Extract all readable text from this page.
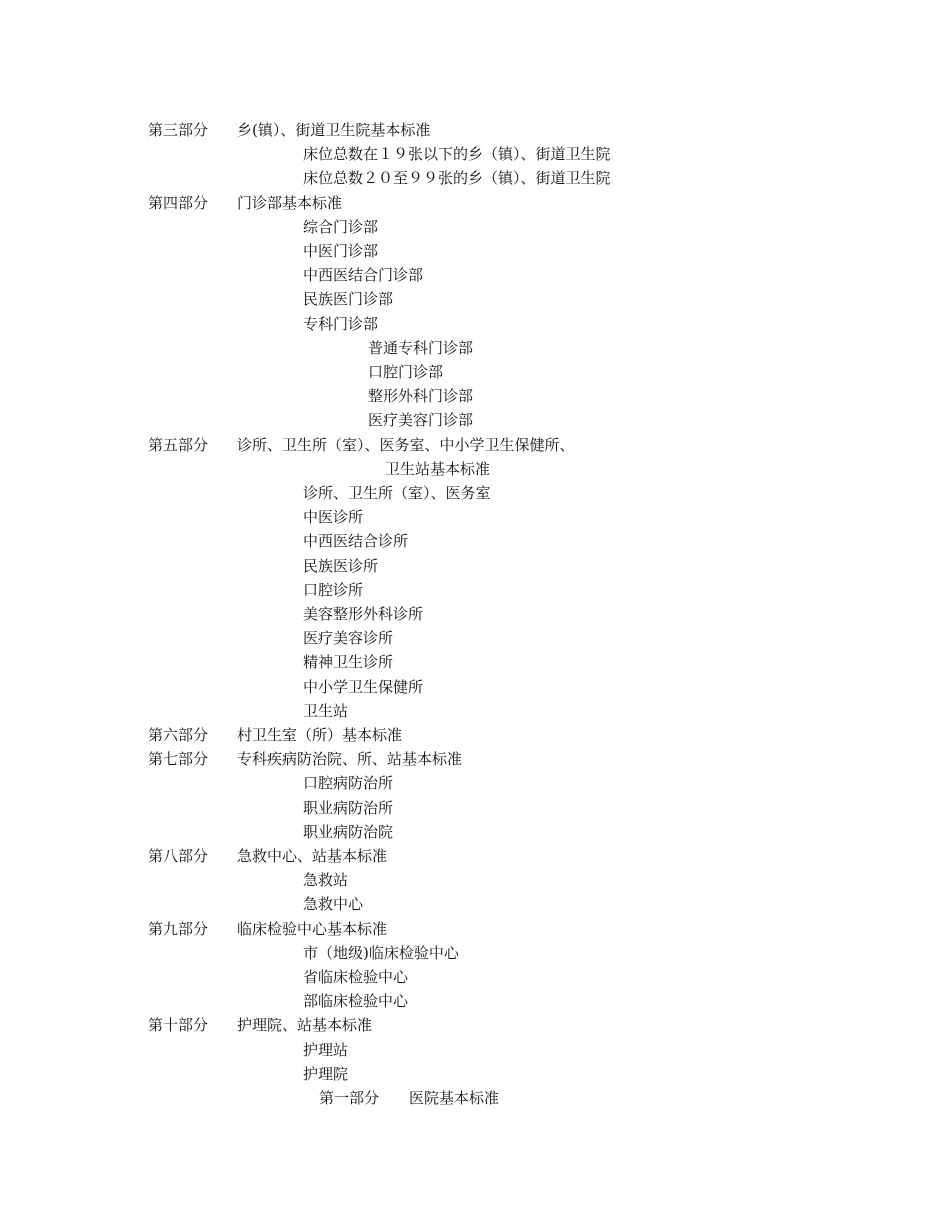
第三部分 乡(镇）、街道卫生院基本标准
床位总数在１９张以下的乡（镇）、街道卫生院
床位总数２０至９９张的乡（镇）、街道卫生院
第四部分 门诊部基本标准
综合门诊部
中医门诊部
中西医结合门诊部
民族医门诊部
专科门诊部
普通专科门诊部
口腔门诊部
整形外科门诊部
医疗美容门诊部
第五部分 诊所、卫生所（室）、医务室、中小学卫生保健所、
卫生站基本标准
诊所、卫生所（室）、医务室
中医诊所
中西医结合诊所
民族医诊所
口腔诊所
美容整形外科诊所
医疗美容诊所
精神卫生诊所
中小学卫生保健所
卫生站
第六部分 村卫生室（所）基本标准
第七部分 专科疾病防治院、所、站基本标准
口腔病防治所
职业病防治所
职业病防治院
第八部分 急救中心、站基本标准
急救站
急救中心
第九部分 临床检验中心基本标准
市（地级)临床检验中心
省临床检验中心
部临床检验中心
第十部分 护理院、站基本标准
护理站
护理院
第一部分　　医院基本标准
